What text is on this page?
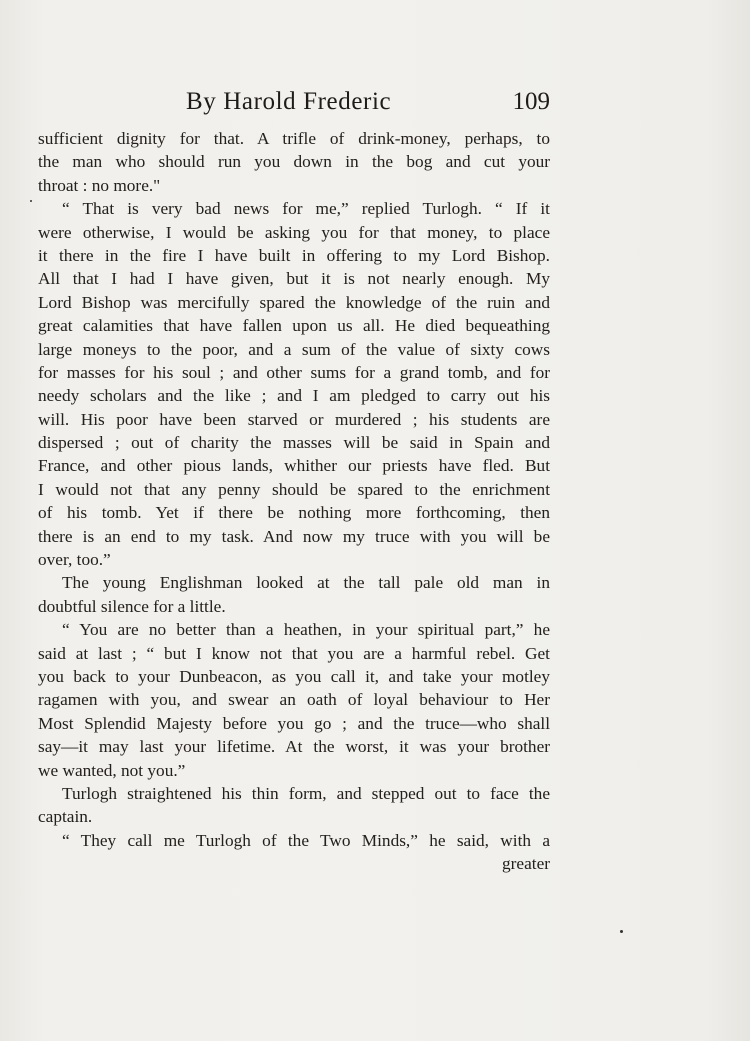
By Harold Frederic	109
sufficient dignity for that. A trifle of drink-money, perhaps, to
the man who should run you down in the bog and cut your
throat : no more."
“ That is very bad news for me,” replied Turlogh. “ If it
were otherwise, I would be asking you for that money, to place
it there in the fire I have built in offering to my Lord Bishop.
All that I had I have given, but it is not nearly enough. My
Lord Bishop was mercifully spared the knowledge of the ruin and
great calamities that have fallen upon us all. He died bequeathing
large moneys to the poor, and a sum of the value of sixty cows
for masses for his soul ; and other sums for a grand tomb, and for
needy scholars and the like ; and I am pledged to carry out his
will. His poor have been starved or murdered ; his students are
dispersed ; out of charity the masses will be said in Spain and
France, and other pious lands, whither our priests have fled. But
I would not that any penny should be spared to the enrichment
of his tomb. Yet if there be nothing more forthcoming, then
there is an end to my task. And now my truce with you will be
over, too.”
The young Englishman looked at the tall pale old man in
doubtful silence for a little.
“ You are no better than a heathen, in your spiritual part,” he
said at last ; “ but I know not that you are a harmful rebel. Get
you back to your Dunbeacon, as you call it, and take your motley
ragamen with you, and swear an oath of loyal behaviour to Her
Most Splendid Majesty before you go ; and the truce—who shall
say—it may last your lifetime. At the worst, it was your brother
we wanted, not you.”
Turlogh straightened his thin form, and stepped out to face the
captain.
“ They call me Turlogh of the Two Minds,” he said, with a
greater
